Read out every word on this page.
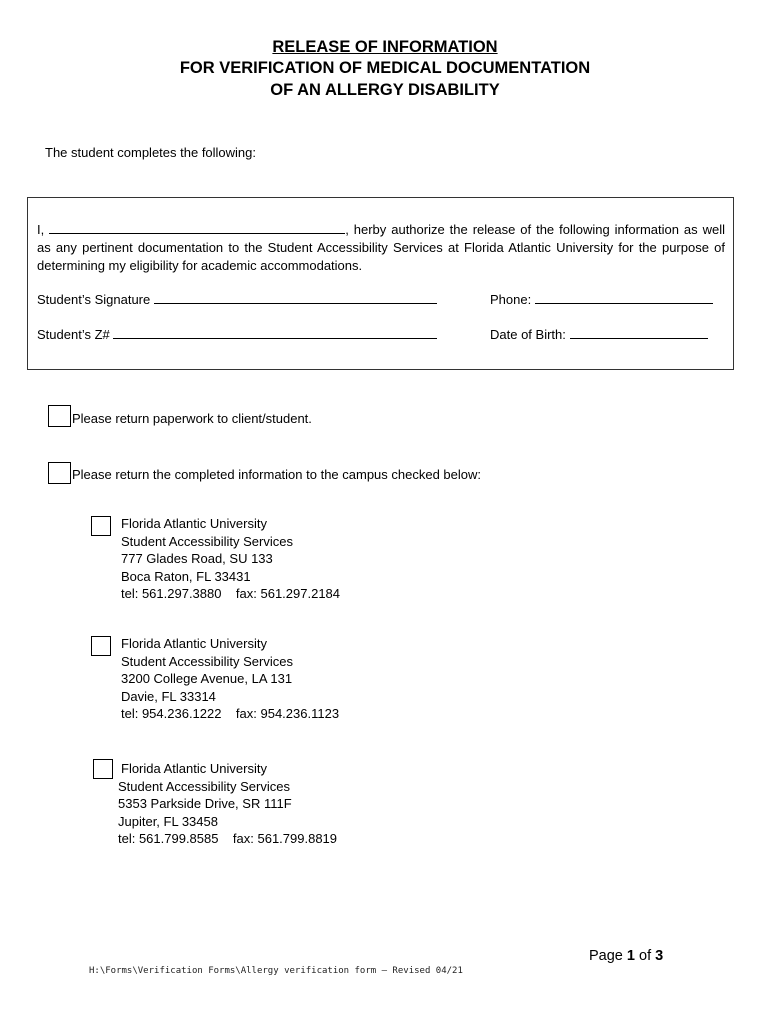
RELEASE OF INFORMATION
FOR VERIFICATION OF MEDICAL DOCUMENTATION
OF AN ALLERGY DISABILITY
The student completes the following:
I,	, herby authorize the release of the following information as well as any pertinent documentation to the Student Accessibility Services at Florida Atlantic University for the purpose of determining my eligibility for academic accommodations.
Student’s Signature	Phone:
Student’s Z#	Date of Birth:
Please return paperwork to client/student.
Please return the completed information to the campus checked below:
Florida Atlantic University
Student Accessibility Services
777 Glades Road, SU 133
Boca Raton, FL 33431
tel: 561.297.3880    fax: 561.297.2184
Florida Atlantic University
Student Accessibility Services
3200 College Avenue, LA 131
Davie, FL 33314
tel: 954.236.1222    fax: 954.236.1123
Florida Atlantic University
Student Accessibility Services
5353 Parkside Drive, SR 111F
Jupiter, FL 33458
tel: 561.799.8585    fax: 561.799.8819
Page 1 of 3
H:\Forms\Verification Forms\Allergy verification form – Revised 04/21
